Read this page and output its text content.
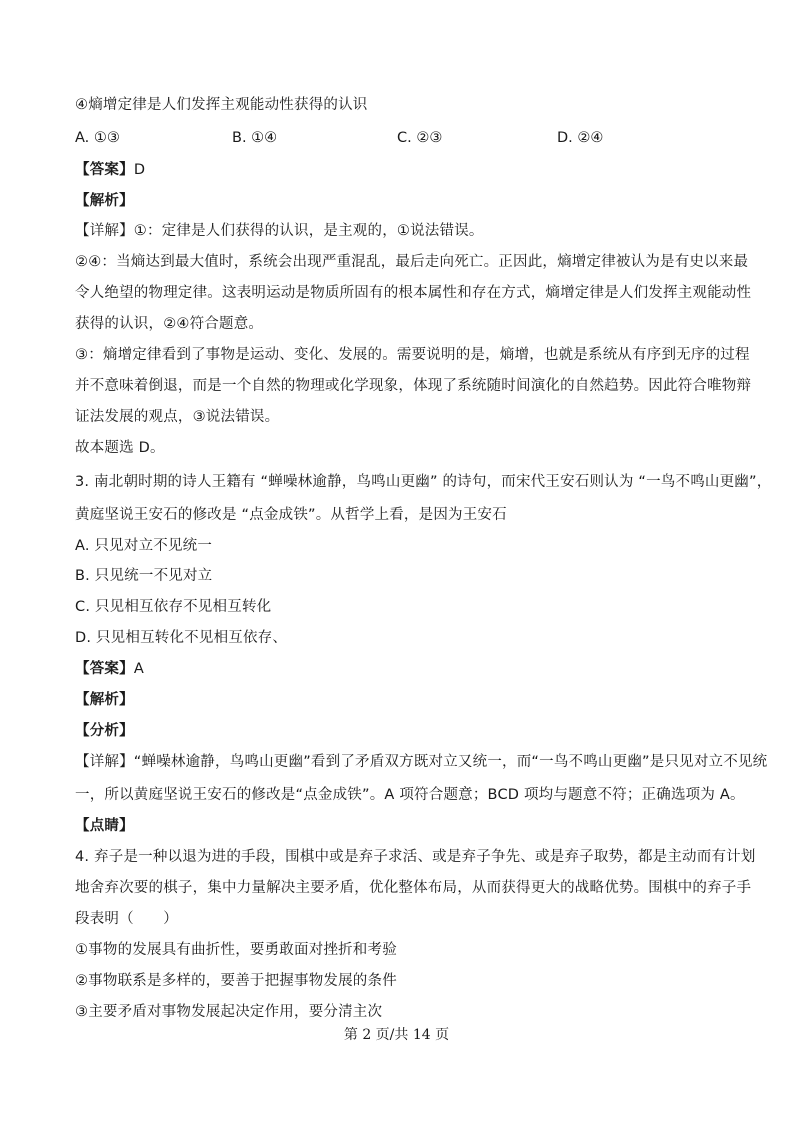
④熵增定律是人们发挥主观能动性获得的认识
A. ①③	B. ①④	C. ②③	D. ②④
【答案】D
【解析】
【详解】①：定律是人们获得的认识，是主观的，①说法错误。
②④：当熵达到最大值时，系统会出现严重混乱，最后走向死亡。正因此，熵增定律被认为是有史以来最
令人绝望的物理定律。这表明运动是物质所固有的根本属性和存在方式，熵增定律是人们发挥主观能动性
获得的认识，②④符合题意。
③：熵增定律看到了事物是运动、变化、发展的。需要说明的是，熵增，也就是系统从有序到无序的过程
并不意味着倒退，而是一个自然的物理或化学现象，体现了系统随时间演化的自然趋势。因此符合唯物辩
证法发展的观点，③说法错误。
故本题选 D。
3. 南北朝时期的诗人王籍有 “蝉噪林逾静，鸟鸣山更幽” 的诗句，而宋代王安石则认为 “一鸟不鸣山更幽”，
黄庭坚说王安石的修改是 “点金成铁”。从哲学上看，是因为王安石
A. 只见对立不见统一
B. 只见统一不见对立
C. 只见相互依存不见相互转化
D. 只见相互转化不见相互依存、
【答案】A
【解析】
【分析】
【详解】“蝉噪林逾静，鸟鸣山更幽”看到了矛盾双方既对立又统一，而“一鸟不鸣山更幽”是只见对立不见统
一，所以黄庭坚说王安石的修改是“点金成铁”。A 项符合题意；BCD 项均与题意不符；正确选项为 A。
【点睛】
4. 弃子是一种以退为进的手段，围棋中或是弃子求活、或是弃子争先、或是弃子取势，都是主动而有计划
地舍弃次要的棋子，集中力量解决主要矛盾，优化整体布局，从而获得更大的战略优势。围棋中的弃子手
段表明（　　）
①事物的发展具有曲折性，要勇敢面对挫折和考验
②事物联系是多样的，要善于把握事物发展的条件
③主要矛盾对事物发展起决定作用，要分清主次
第 2 页/共 14 页
